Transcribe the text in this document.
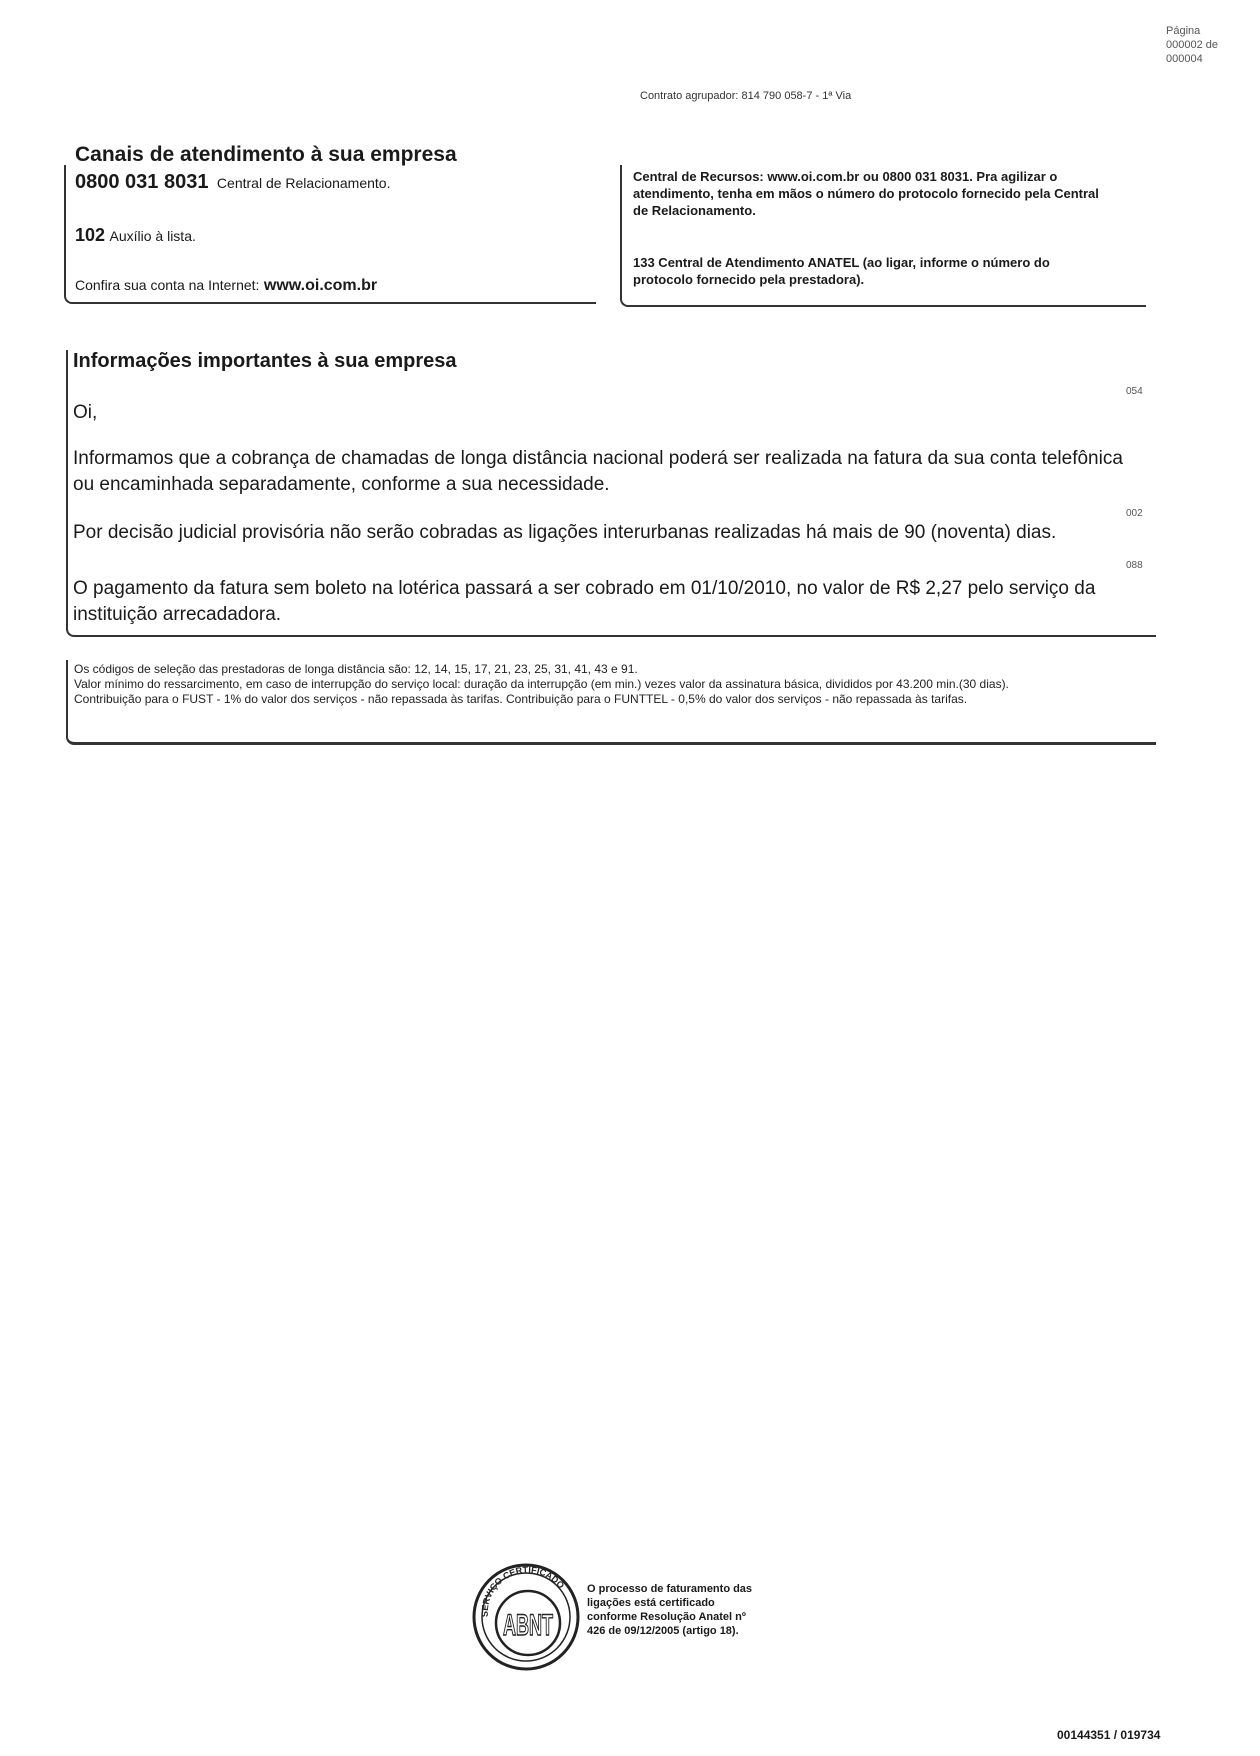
Página
000002 de
000004
Contrato agrupador: 814 790 058-7 - 1ª Via
Canais de atendimento à sua empresa
0800 031 8031 Central de Relacionamento.
102 Auxílio à lista.
Confira sua conta na Internet: www.oi.com.br
Central de Recursos: www.oi.com.br ou 0800 031 8031. Pra agilizar o atendimento, tenha em mãos o número do protocolo fornecido pela Central de Relacionamento.
133 Central de Atendimento ANATEL (ao ligar, informe o número do protocolo fornecido pela prestadora).
Informações importantes à sua empresa
054
Oi,
Informamos que a cobrança de chamadas de longa distância nacional poderá ser realizada na fatura da sua conta telefônica ou encaminhada separadamente, conforme a sua necessidade.
002
Por decisão judicial provisória não serão cobradas as ligações interurbanas realizadas há mais de 90 (noventa) dias.
088
O pagamento da fatura sem boleto na lotérica passará a ser cobrado em 01/10/2010, no valor de R$ 2,27 pelo serviço da instituição arrecadadora.
Os códigos de seleção das prestadoras de longa distância são: 12, 14, 15, 17, 21, 23, 25, 31, 41, 43 e 91.
Valor mínimo do ressarcimento, em caso de interrupção do serviço local: duração da interrupção (em min.) vezes valor da assinatura básica, divididos por 43.200 min.(30 dias).
Contribuição para o FUST - 1% do valor dos serviços - não repassada às tarifas. Contribuição para o FUNTTEL - 0,5% do valor dos serviços - não repassada às tarifas.
SERVIÇO CERTIFICADO
ABNT
O processo de faturamento das ligações está certificado conforme Resolução Anatel nº 426 de 09/12/2005 (artigo 18).
00144351 / 019734
